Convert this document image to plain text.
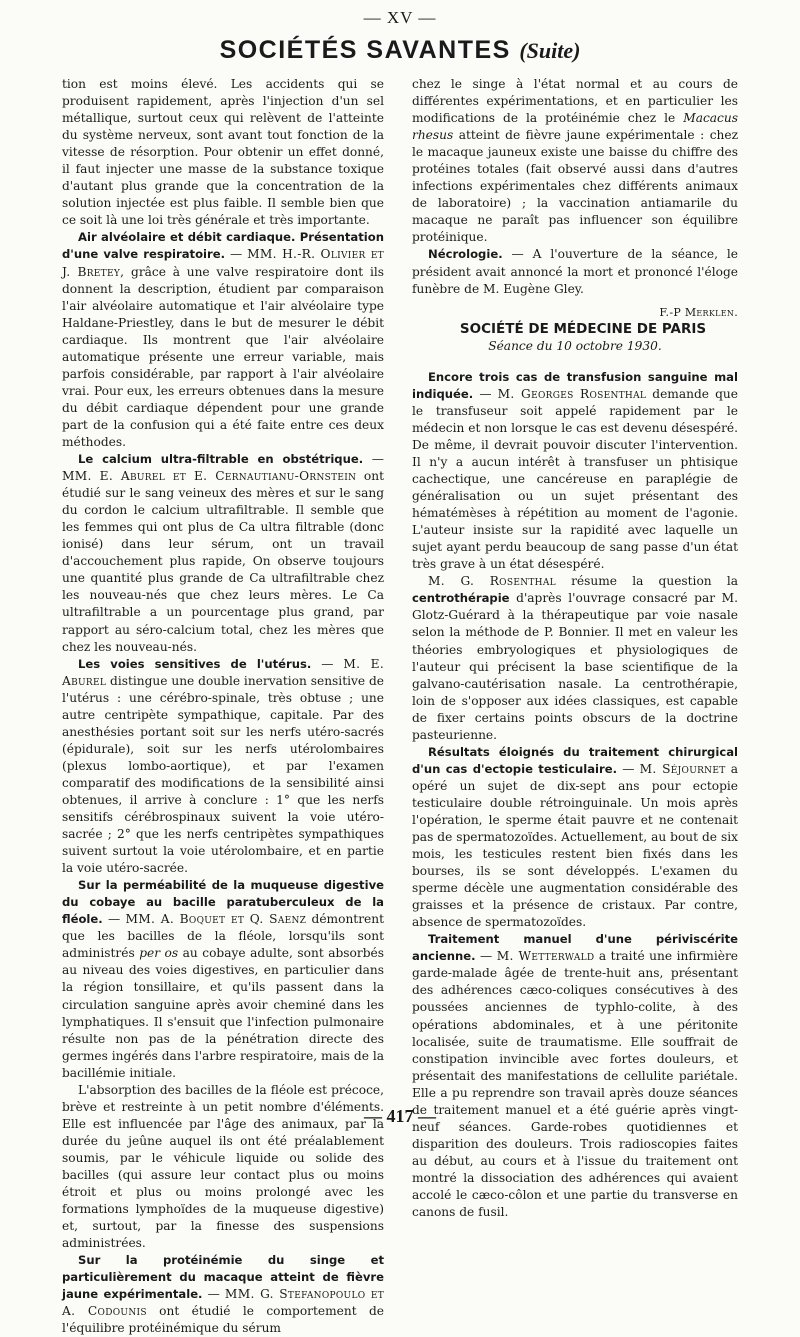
— XV —
SOCIÉTÉS SAVANTES (Suite)

tion est moins élevé. Les accidents qui se produisent rapidement, après l'injection d'un sel métallique, surtout ceux qui relèvent de l'atteinte du système nerveux, sont avant tout fonction de la vitesse de résorption. Pour obtenir un effet donné, il faut injecter une masse de la substance toxique d'autant plus grande que la concentration de la solution injectée est plus faible. Il semble bien que ce soit là une loi très générale et très importante.

Air alvéolaire et débit cardiaque. Présentation d'une valve respiratoire. — MM. H.-R. Olivier et J. Bretey, grâce à une valve respiratoire dont ils donnent la description, étudient par comparaison l'air alvéolaire automatique et l'air alvéolaire type Haldane-Priestley, dans le but de mesurer le débit cardiaque. Ils montrent que l'air alvéolaire automatique présente une erreur variable, mais parfois considérable, par rapport à l'air alvéolaire vrai. Pour eux, les erreurs obtenues dans la mesure du débit cardiaque dépendent pour une grande part de la confusion qui a été faite entre ces deux méthodes.

Le calcium ultra-filtrable en obstétrique. — MM. E. Aburel et E. Cernautianu-Ornstein ont étudié sur le sang veineux des mères et sur le sang du cordon le calcium ultrafiltrable. Il semble que les femmes qui ont plus de Ca ultra filtrable (donc ionisé) dans leur sérum, ont un travail d'accouchement plus rapide, On observe toujours une quantité plus grande de Ca ultrafiltrable chez les nouveau-nés que chez leurs mères. Le Ca ultrafiltrable a un pourcentage plus grand, par rapport au séro-calcium total, chez les mères que chez les nouveau-nés.

Les voies sensitives de l'utérus. — M. E. Aburel distingue une double inervation sensitive de l'utérus : une cérébro-spinale, très obtuse ; une autre centripète sympathique, capitale. Par des anesthésies portant soit sur les nerfs utéro-sacrés (épidurale), soit sur les nerfs utérolombaires (plexus lombo-aortique), et par l'examen comparatif des modifications de la sensibilité ainsi obtenues, il arrive à conclure : 1° que les nerfs sensitifs cérébrospinaux suivent la voie utéro-sacrée ; 2° que les nerfs centripètes sympathiques suivent surtout la voie utérolombaire, et en partie la voie utéro-sacrée.

Sur la perméabilité de la muqueuse digestive du cobaye au bacille paratuberculeux de la fléole. — MM. A. Boquet et Q. Saenz démontrent que les bacilles de la fléole, lorsqu'ils sont administrés per os au cobaye adulte, sont absorbés au niveau des voies digestives, en particulier dans la région tonsillaire, et qu'ils passent dans la circulation sanguine après avoir cheminé dans les lymphatiques. Il s'ensuit que l'infection pulmonaire résulte non pas de la pénétration directe des germes ingérés dans l'arbre respiratoire, mais de la bacillémie initiale.

L'absorption des bacilles de la fléole est précoce, brève et restreinte à un petit nombre d'éléments. Elle est influencée par l'âge des animaux, par la durée du jeûne auquel ils ont été préalablement soumis, par le véhicule liquide ou solide des bacilles (qui assure leur contact plus ou moins étroit et plus ou moins prolongé avec les formations lymphoïdes de la muqueuse digestive) et, surtout, par la finesse des suspensions administrées.

Sur la protéinémie du singe et particulièrement du macaque atteint de fièvre jaune expérimentale. — MM. G. Stefanopoulo et A. Codounis ont étudié le comportement de l'équilibre protéinémique du sérum

chez le singe à l'état normal et au cours de différentes expérimentations, et en particulier les modifications de la protéinémie chez le Macacus rhesus atteint de fièvre jaune expérimentale : chez le macaque jauneux existe une baisse du chiffre des protéines totales (fait observé aussi dans d'autres infections expérimentales chez différents animaux de laboratoire) ; la vaccination antiamarile du macaque ne paraît pas influencer son équilibre protéinique.

Nécrologie. — A l'ouverture de la séance, le président avait annoncé la mort et prononcé l'éloge funèbre de M. Eugène Gley.

F.-P Merklen.

SOCIÉTÉ DE MÉDECINE DE PARIS

Séance du 10 octobre 1930.

Encore trois cas de transfusion sanguine mal indiquée. — M. Georges Rosenthal demande que le transfuseur soit appelé rapidement par le médecin et non lorsque le cas est devenu désespéré. De même, il devrait pouvoir discuter l'intervention. Il n'y a aucun intérêt à transfuser un phtisique cachectique, une cancéreuse en paraplégie de généralisation ou un sujet présentant des hématémèses à répétition au moment de l'agonie. L'auteur insiste sur la rapidité avec laquelle un sujet ayant perdu beaucoup de sang passe d'un état très grave à un état désespéré.

M. G. Rosenthal résume la question la centrothérapie d'après l'ouvrage consacré par M. Glotz-Guérard à la thérapeutique par voie nasale selon la méthode de P. Bonnier. Il met en valeur les théories embryologiques et physiologiques de l'auteur qui précisent la base scientifique de la galvano-cautérisation nasale. La centrothérapie, loin de s'opposer aux idées classiques, est capable de fixer certains points obscurs de la doctrine pasteurienne.

Résultats éloignés du traitement chirurgical d'un cas d'ectopie testiculaire. — M. Séjournet a opéré un sujet de dix-sept ans pour ectopie testiculaire double rétroinguinale. Un mois après l'opération, le sperme était pauvre et ne contenait pas de spermatozoïdes. Actuellement, au bout de six mois, les testicules restent bien fixés dans les bourses, ils se sont développés. L'examen du sperme décèle une augmentation considérable des graisses et la présence de cristaux. Par contre, absence de spermatozoïdes.

Traitement manuel d'une périviscérite ancienne. — M. Wetterwald a traité une infirmière garde-malade âgée de trente-huit ans, présentant des adhérences cæco-coliques consécutives à des poussées anciennes de typhlo-colite, à des opérations abdominales, et à une péritonite localisée, suite de traumatisme. Elle souffrait de constipation invincible avec fortes douleurs, et présentait des manifestations de cellulite pariétale. Elle a pu reprendre son travail après douze séances de traitement manuel et a été guérie après vingt-neuf séances. Garde-robes quotidiennes et disparition des douleurs. Trois radioscopies faites au début, au cours et à l'issue du traitement ont montré la dissociation des adhérences qui avaient accolé le cæco-côlon et une partie du transverse en canons de fusil.

— 417 —
